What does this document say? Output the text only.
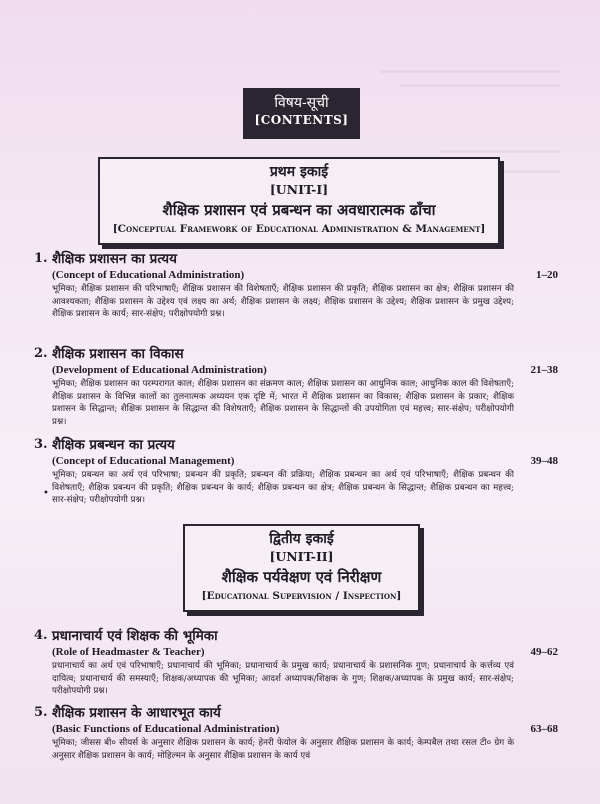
विषय-सूची
[CONTENTS]
प्रथम इकाई
[UNIT-I]
शैक्षिक प्रशासन एवं प्रबन्धन का अवधारात्मक ढाँचा
[Conceptual Framework of Educational Administration & Management]
1. शैक्षिक प्रशासन का प्रत्यय
(Concept of Educational Administration)	1–20
भूमिका; शैक्षिक प्रशासन की परिभाषाएँ; शैक्षिक प्रशासन की विशेषताएँ; शैक्षिक प्रशासन की प्रकृति; शैक्षिक प्रशासन का क्षेत्र; शैक्षिक प्रशासन की आवश्यकता; शैक्षिक प्रशासन के उद्देश्य एवं लक्ष्य का अर्थ; शैक्षिक प्रशासन के लक्ष्य; शैक्षिक प्रशासन के उद्देश्य; शैक्षिक प्रशासन के प्रमुख उद्देश्य; शैक्षिक प्रशासन के कार्य; सार-संक्षेप; परीक्षोपयोगी प्रश्न।
2. शैक्षिक प्रशासन का विकास
(Development of Educational Administration)	21–38
भूमिका; शैक्षिक प्रशासन का परम्परागत काल; शैक्षिक प्रशासन का संक्रमण काल; शैक्षिक प्रशासन का आधुनिक काल; आधुनिक काल की विशेषताएँ; शैक्षिक प्रशासन के विभिन्न कालों का तुलनात्मक अध्ययन एक दृष्टि में; भारत में शैक्षिक प्रशासन का विकास; शैक्षिक प्रशासन के प्रकार; शैक्षिक प्रशासन के सिद्धान्त; शैक्षिक प्रशासन के सिद्धान्त की विशेषताएँ; शैक्षिक प्रशासन के सिद्धान्तों की उपयोगिता एवं महत्त्व; सार-संक्षेप; परीक्षोपयोगी प्रश्न।
3. शैक्षिक प्रबन्धन का प्रत्यय
(Concept of Educational Management)	39–48
भूमिका; प्रबन्धन का अर्थ एवं परिभाषा; प्रबन्धन की प्रकृति; प्रबन्धन की प्रक्रिया; शैक्षिक प्रबन्धन का अर्थ एवं परिभाषाएँ; शैक्षिक प्रबन्धन की विशेषताएँ; शैक्षिक प्रबन्धन की प्रकृति; शैक्षिक प्रबन्धन के कार्य; शैक्षिक प्रबन्धन का क्षेत्र; शैक्षिक प्रबन्धन के सिद्धान्त; शैक्षिक प्रबन्धन का महत्त्व; सार-संक्षेप; परीक्षोपयोगी प्रश्न।
•
द्वितीय इकाई
[UNIT-II]
शैक्षिक पर्यवेक्षण एवं निरीक्षण
[Educational Supervision / Inspection]
4. प्रधानाचार्य एवं शिक्षक की भूमिका
(Role of Headmaster & Teacher)	49–62
प्रधानाचार्य का अर्थ एवं परिभाषाएँ; प्रधानाचार्य की भूमिका; प्रधानाचार्य के प्रमुख कार्य; प्रधानाचार्य के प्रशासनिक गुण; प्रधानाचार्य के कर्त्तव्य एवं दायित्व; प्रधानाचार्य की समस्याएँ; शिक्षक/अध्यापक की भूमिका; आदर्श अध्यापक/शिक्षक के गुण; शिक्षक/अध्यापक के प्रमुख कार्य; सार-संक्षेप; परीक्षोपयोगी प्रश्न।
5. शैक्षिक प्रशासन के आधारभूत कार्य
(Basic Functions of Educational Administration)	63–68
भूमिका; जीसस बी० सीयर्स के अनुसार शैक्षिक प्रशासन के कार्य; हेनरी फेयोल के अनुसार शैक्षिक प्रशासन के कार्य; केम्पबैल तथा रसल टी० ग्रेग के अनुसार शैक्षिक प्रशासन के कार्य; मोहिल्मन के अनुसार शैक्षिक प्रशासन के कार्य एवं
